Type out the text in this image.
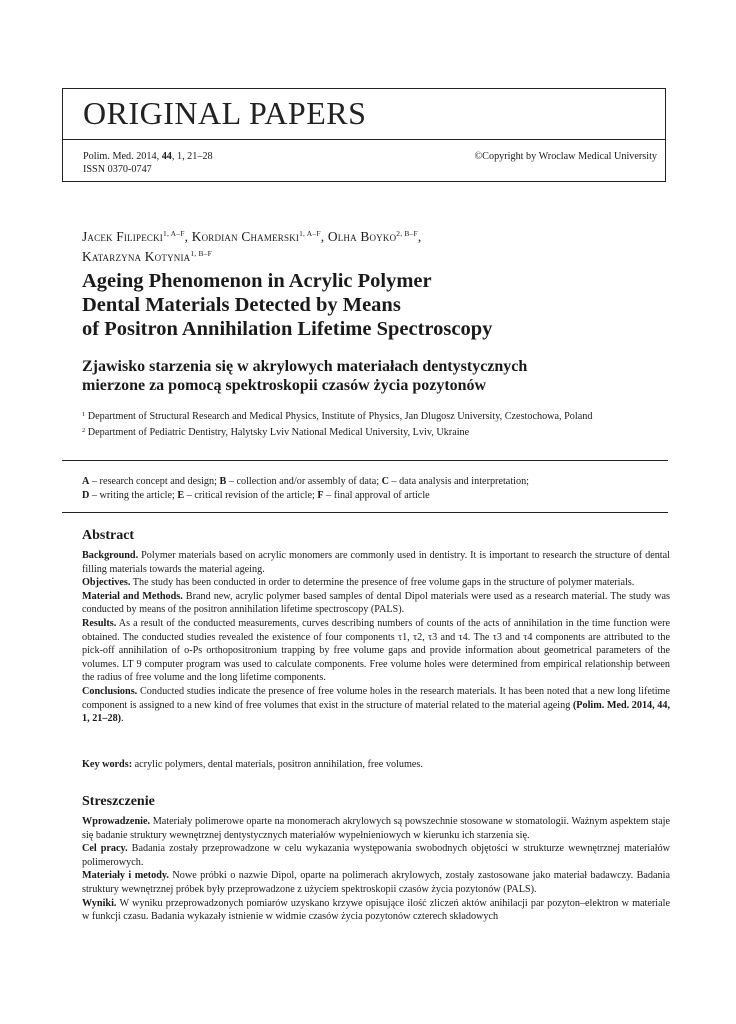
ORIGINAL PAPERS
Polim. Med. 2014, 44, 1, 21–28
ISSN 0370-0747
©Copyright by Wroclaw Medical University
Jacek Filipecki$^{1, A-F}$, Kordian Chamerski$^{1, A-F}$, Olha Boyko$^{2, B-F}$,
Katarzyna Kotynia$^{1, B-F}$
Ageing Phenomenon in Acrylic Polymer
Dental Materials Detected by Means
of Positron Annihilation Lifetime Spectroscopy
Zjawisko starzenia się w akrylowych materiałach dentystycznych
mierzone za pomocą spektroskopii czasów życia pozytonów
$^1$ Department of Structural Research and Medical Physics, Institute of Physics, Jan Dlugosz University, Czestochowa, Poland
$^2$ Department of Pediatric Dentistry, Halytsky Lviv National Medical University, Lviv, Ukraine
A – research concept and design; B – collection and/or assembly of data; C – data analysis and interpretation;
D – writing the article; E – critical revision of the article; F – final approval of article
Abstract

Background. Polymer materials based on acrylic monomers are commonly used in dentistry. It is important to research the structure of dental filling materials towards the material ageing.

Objectives. The study has been conducted in order to determine the presence of free volume gaps in the structure of polymer materials.

Material and Methods. Brand new, acrylic polymer based samples of dental Dipol materials were used as a research material. The study was conducted by means of the positron annihilation lifetime spectroscopy (PALS).

Results. As a result of the conducted measurements, curves describing numbers of counts of the acts of annihilation in the time function were obtained. The conducted studies revealed the existence of four components τ1, τ2, τ3 and τ4. The τ3 and τ4 components are attributed to the pick-off annihilation of o-Ps orthopositronium trapping by free volume gaps and provide information about geometrical parameters of the volumes. LT 9 computer program was used to calculate components. Free volume holes were determined from empirical relationship between the radius of free volume and the long lifetime components.

Conclusions. Conducted studies indicate the presence of free volume holes in the research materials. It has been noted that a new long lifetime component is assigned to a new kind of free volumes that exist in the structure of material related to the material ageing (Polim. Med. 2014, 44, 1, 21–28).

Key words: acrylic polymers, dental materials, positron annihilation, free volumes.
Streszczenie

Wprowadzenie. Materiały polimerowe oparte na monomerach akrylowych są powszechnie stosowane w stomatologii. Ważnym aspektem staje się badanie struktury wewnętrznej dentystycznych materiałów wypełnieniowych w kierunku ich starzenia się.

Cel pracy. Badania zostały przeprowadzone w celu wykazania występowania swobodnych objętości w strukturze wewnętrznej materiałów polimerowych.

Materiały i metody. Nowe próbki o nazwie Dipol, oparte na polimerach akrylowych, zostały zastosowane jako materiał badawczy. Badania struktury wewnętrznej próbek były przeprowadzone z użyciem spektroskopii czasów życia pozytonów (PALS).

Wyniki. W wyniku przeprowadzonych pomiarów uzyskano krzywe opisujące ilość zliczeń aktów anihilacji par pozyton–elektron w materiale w funkcji czasu. Badania wykazały istnienie w widmie czasów życia pozytonów czterech składowych
